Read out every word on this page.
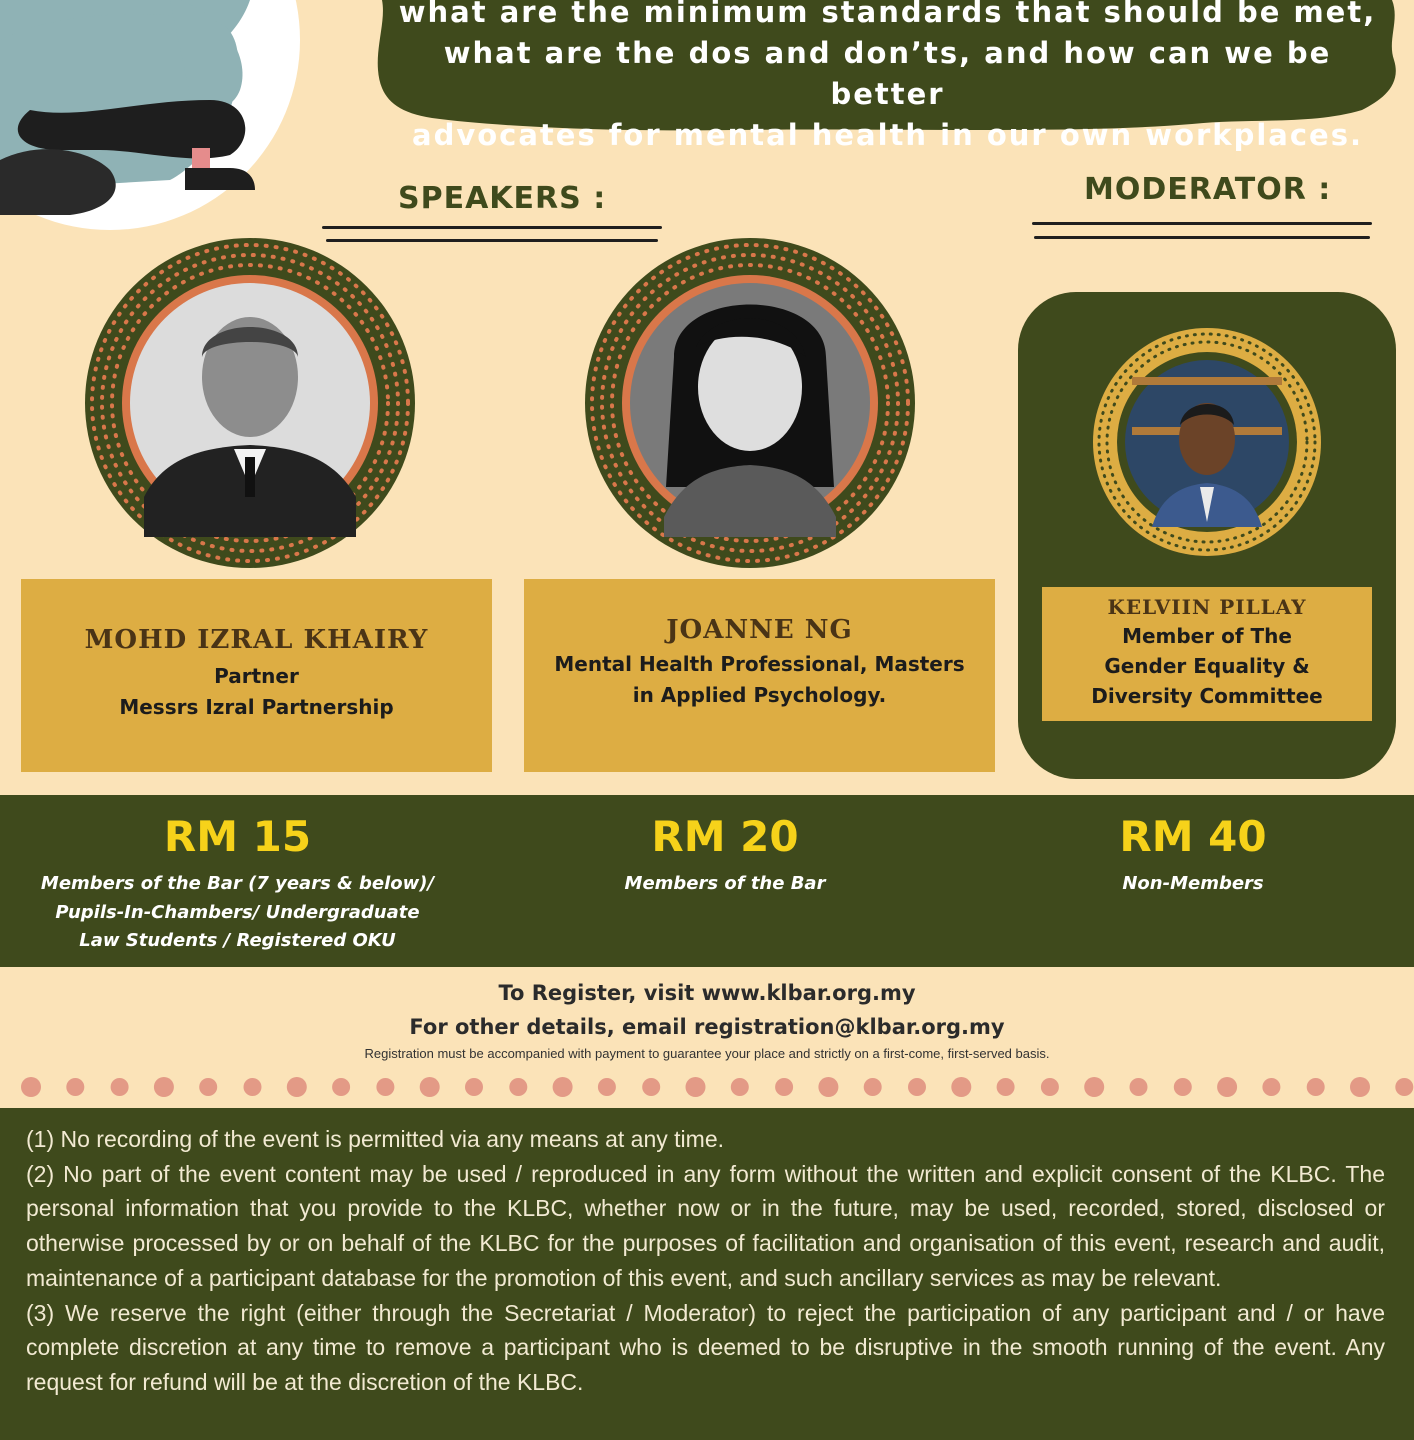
what are the minimum standards that should be met,
what are the dos and don’ts, and how can we be better
advocates for mental health in our own workplaces.
SPEAKERS :	MODERATOR :
MOHD IZRAL KHAIRY
Partner
Messrs Izral Partnership
JOANNE NG
Mental Health Professional, Masters
in Applied Psychology.
KELVIIN PILLAY
Member of The
Gender Equality &
Diversity Committee
RM 15
Members of the Bar (7 years & below)/
Pupils-In-Chambers/ Undergraduate
Law Students / Registered OKU
RM 20
Members of the Bar
RM 40
Non-Members
To Register, visit www.klbar.org.my
For other details, email registration@klbar.org.my
Registration must be accompanied with payment to guarantee your place and strictly on a first-come, first-served basis.

(1) No recording of the event is permitted via any means at any time.

(2) No part of the event content may be used / reproduced in any form without the written and explicit consent of the KLBC. The personal information that you provide to the KLBC, whether now or in the future, may be used, recorded, stored, disclosed or otherwise processed by or on behalf of the KLBC for the purposes of facilitation and organisation of this event, research and audit, maintenance of a participant database for the promotion of this event, and such ancillary services as may be relevant.

(3) We reserve the right (either through the Secretariat / Moderator) to reject the participation of any participant and / or have complete discretion at any time to remove a participant who is deemed to be disruptive in the smooth running of the event. Any request for refund will be at the discretion of the KLBC.
